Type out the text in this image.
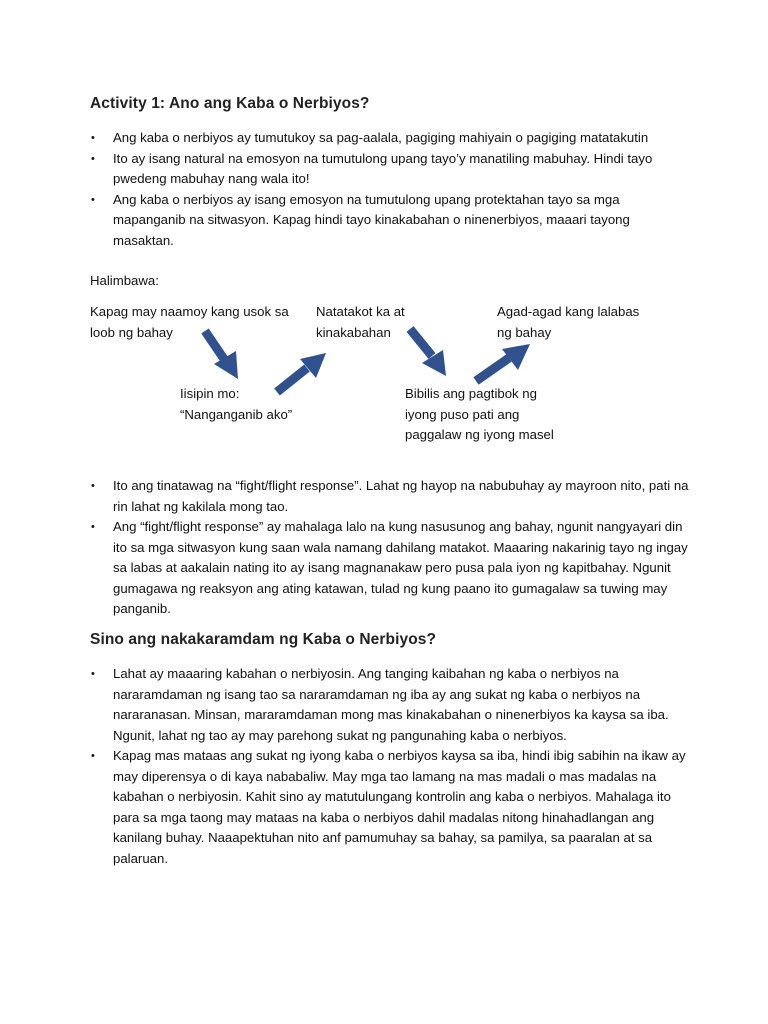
Activity 1: Ano ang Kaba o Nerbiyos?
• Ang kaba o nerbiyos ay tumutukoy sa pag-aalala, pagiging mahiyain o pagiging matatakutin
• Ito ay isang natural na emosyon na tumutulong upang tayo’y manatiling mabuhay. Hindi tayo pwedeng mabuhay nang wala ito!
• Ang kaba o nerbiyos ay isang emosyon na tumutulong upang protektahan tayo sa mga mapanganib na sitwasyon. Kapag hindi tayo kinakabahan o ninenerbiyos, maaari tayong masaktan.

Halimbawa:

Kapag may naamoy kang usok sa loob ng bahay

Iisipin mo: “Nanganganib ako”

Natatakot ka at kinakabahan

Bibilis ang pagtibok ng iyong puso pati ang paggalaw ng iyong masel

Agad-agad kang lalabas ng bahay

• Ito ang tinatawag na “fight/flight response”. Lahat ng hayop na nabubuhay ay mayroon nito, pati na rin lahat ng kakilala mong tao.
• Ang “fight/flight response” ay mahalaga lalo na kung nasusunog ang bahay, ngunit nangyayari din ito sa mga sitwasyon kung saan wala namang dahilang matakot. Maaaring nakarinig tayo ng ingay sa labas at aakalain nating ito ay isang magnanakaw pero pusa pala iyon ng kapitbahay. Ngunit gumagawa ng reaksyon ang ating katawan, tulad ng kung paano ito gumagalaw sa tuwing may panganib.
Sino ang nakakaramdam ng Kaba o Nerbiyos?
• Lahat ay maaaring kabahan o nerbiyosin. Ang tanging kaibahan ng kaba o nerbiyos na nararamdaman ng isang tao sa nararamdaman ng iba ay ang sukat ng kaba o nerbiyos na nararanasan. Minsan, mararamdaman mong mas kinakabahan o ninenerbiyos ka kaysa sa iba. Ngunit, lahat ng tao ay may parehong sukat ng pangunahing kaba o nerbiyos.
• Kapag mas mataas ang sukat ng iyong kaba o nerbiyos kaysa sa iba, hindi ibig sabihin na ikaw ay may diperensya o di kaya nababaliw. May mga tao lamang na mas madali o mas madalas na kabahan o nerbiyosin. Kahit sino ay matutulungang kontrolin ang kaba o nerbiyos. Mahalaga ito para sa mga taong may mataas na kaba o nerbiyos dahil madalas nitong hinahadlangan ang kanilang buhay. Naaapektuhan nito anf pamumuhay sa bahay, sa pamilya, sa paaralan at sa palaruan.
